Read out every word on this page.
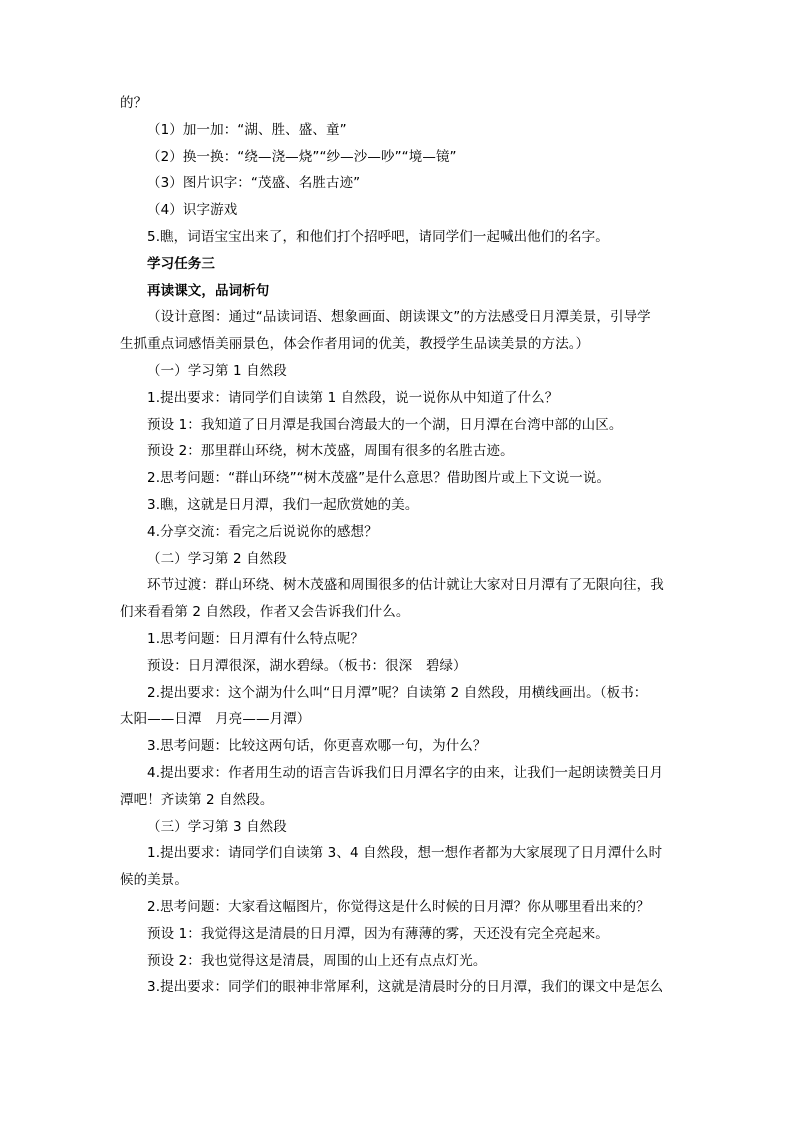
的？
（1）加一加：“湖、胜、盛、童”
（2）换一换：“绕—浇—烧”“纱—沙—吵”“境—镜”
（3）图片识字：“茂盛、名胜古迹”
（4）识字游戏
5.瞧，词语宝宝出来了，和他们打个招呼吧，请同学们一起喊出他们的名字。
学习任务三
再读课文，品词析句
（设计意图：通过“品读词语、想象画面、朗读课文”的方法感受日月潭美景，引导学
生抓重点词感悟美丽景色，体会作者用词的优美，教授学生品读美景的方法。）
（一）学习第 1 自然段
1.提出要求：请同学们自读第 1 自然段，说一说你从中知道了什么？
预设 1：我知道了日月潭是我国台湾最大的一个湖，日月潭在台湾中部的山区。
预设 2：那里群山环绕，树木茂盛，周围有很多的名胜古迹。
2.思考问题：“群山环绕”“树木茂盛”是什么意思？借助图片或上下文说一说。
3.瞧，这就是日月潭，我们一起欣赏她的美。
4.分享交流：看完之后说说你的感想？
（二）学习第 2 自然段
环节过渡：群山环绕、树木茂盛和周围很多的估计就让大家对日月潭有了无限向往，我
们来看看第 2 自然段，作者又会告诉我们什么。
1.思考问题：日月潭有什么特点呢？
预设：日月潭很深，湖水碧绿。（板书：很深　碧绿）
2.提出要求：这个湖为什么叫“日月潭”呢？自读第 2 自然段，用横线画出。（板书：
太阳——日潭　月亮——月潭）
3.思考问题：比较这两句话，你更喜欢哪一句，为什么？
4.提出要求：作者用生动的语言告诉我们日月潭名字的由来，让我们一起朗读赞美日月
潭吧！齐读第 2 自然段。
（三）学习第 3 自然段
1.提出要求：请同学们自读第 3、4 自然段，想一想作者都为大家展现了日月潭什么时
候的美景。
2.思考问题：大家看这幅图片，你觉得这是什么时候的日月潭？你从哪里看出来的？
预设 1：我觉得这是清晨的日月潭，因为有薄薄的雾，天还没有完全亮起来。
预设 2：我也觉得这是清晨，周围的山上还有点点灯光。
3.提出要求：同学们的眼神非常犀利，这就是清晨时分的日月潭，我们的课文中是怎么
